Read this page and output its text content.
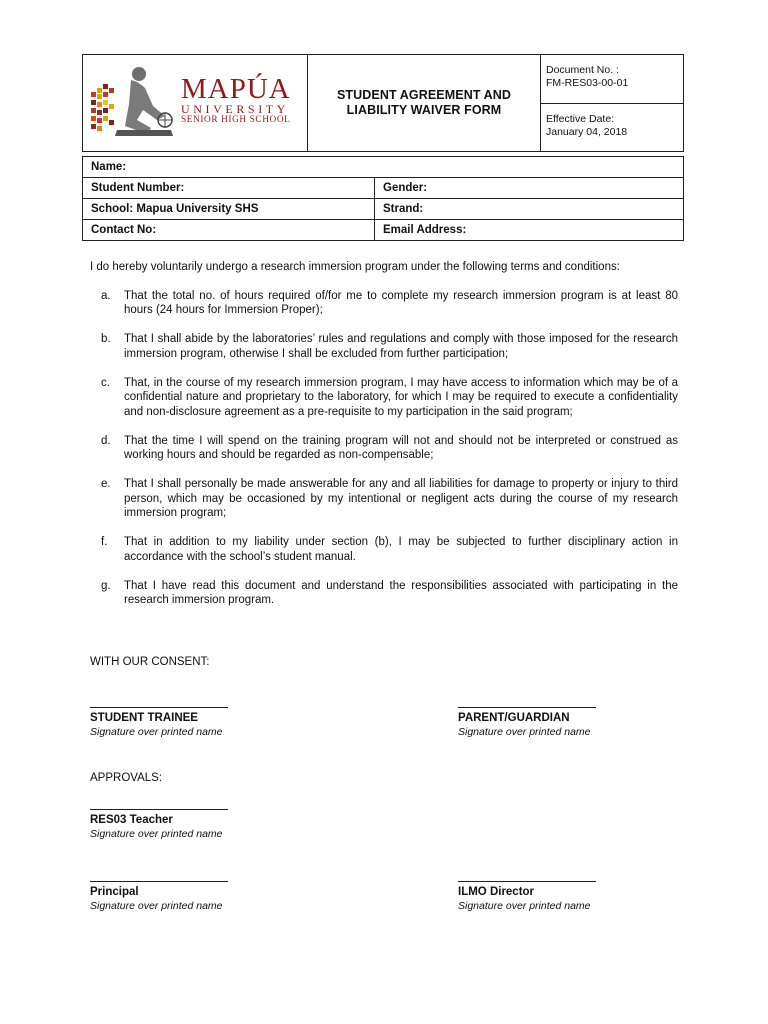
MAPÚA
UNIVERSITY
SENIOR HIGH SCHOOL
STUDENT AGREEMENT AND
LIABILITY WAIVER FORM
Document No. :
FM-RES03-00-01
Effective Date:
January 04, 2018
Name:	
Student Number:	Gender:
School: Mapua University SHS	Strand:
Contact No:	Email Address:

I do hereby voluntarily undergo a research immersion program under the following terms and conditions:

a.	That the total no. of hours required of/for me to complete my research immersion program is at least 80 hours (24 hours for Immersion Proper);
b.	That I shall abide by the laboratories’ rules and regulations and comply with those imposed for the research immersion program, otherwise I shall be excluded from further participation;
c.	That, in the course of my research immersion program, I may have access to information which may be of a confidential nature and proprietary to the laboratory, for which I may be required to execute a confidentiality and non-disclosure agreement as a pre-requisite to my participation in the said program;
d.	That the time I will spend on the training program will not and should not be interpreted or construed as working hours and should be regarded as non-compensable;
e.	That I shall personally be made answerable for any and all liabilities for damage to property or injury to third person, which may be occasioned by my intentional or negligent acts during the course of my research immersion program;
f.	That in addition to my liability under section (b), I may be subjected to further disciplinary action in accordance with the school’s student manual.
g.	That I have read this document and understand the responsibilities associated with participating in the research immersion program.
WITH OUR CONSENT:
STUDENT TRAINEE
Signature over printed name
PARENT/GUARDIAN
Signature over printed name
APPROVALS:
RES03 Teacher
Signature over printed name
Principal
Signature over printed name
ILMO Director
Signature over printed name
